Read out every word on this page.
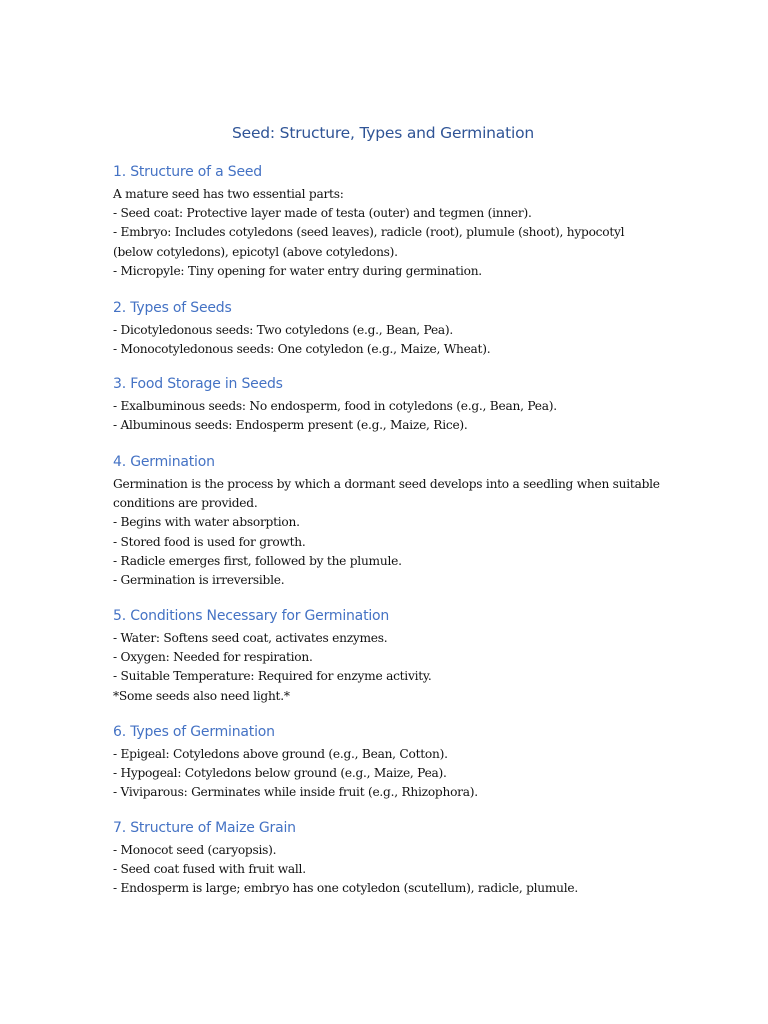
Seed: Structure, Types and Germination
1. Structure of a Seed
A mature seed has two essential parts:
- Seed coat: Protective layer made of testa (outer) and tegmen (inner).
- Embryo: Includes cotyledons (seed leaves), radicle (root), plumule (shoot), hypocotyl
(below cotyledons), epicotyl (above cotyledons).
- Micropyle: Tiny opening for water entry during germination.
2. Types of Seeds
- Dicotyledonous seeds: Two cotyledons (e.g., Bean, Pea).
- Monocotyledonous seeds: One cotyledon (e.g., Maize, Wheat).
3. Food Storage in Seeds
- Exalbuminous seeds: No endosperm, food in cotyledons (e.g., Bean, Pea).
- Albuminous seeds: Endosperm present (e.g., Maize, Rice).
4. Germination
Germination is the process by which a dormant seed develops into a seedling when suitable
conditions are provided.
- Begins with water absorption.
- Stored food is used for growth.
- Radicle emerges first, followed by the plumule.
- Germination is irreversible.
5. Conditions Necessary for Germination
- Water: Softens seed coat, activates enzymes.
- Oxygen: Needed for respiration.
- Suitable Temperature: Required for enzyme activity.
*Some seeds also need light.*
6. Types of Germination
- Epigeal: Cotyledons above ground (e.g., Bean, Cotton).
- Hypogeal: Cotyledons below ground (e.g., Maize, Pea).
- Viviparous: Germinates while inside fruit (e.g., Rhizophora).
7. Structure of Maize Grain
- Monocot seed (caryopsis).
- Seed coat fused with fruit wall.
- Endosperm is large; embryo has one cotyledon (scutellum), radicle, plumule.
